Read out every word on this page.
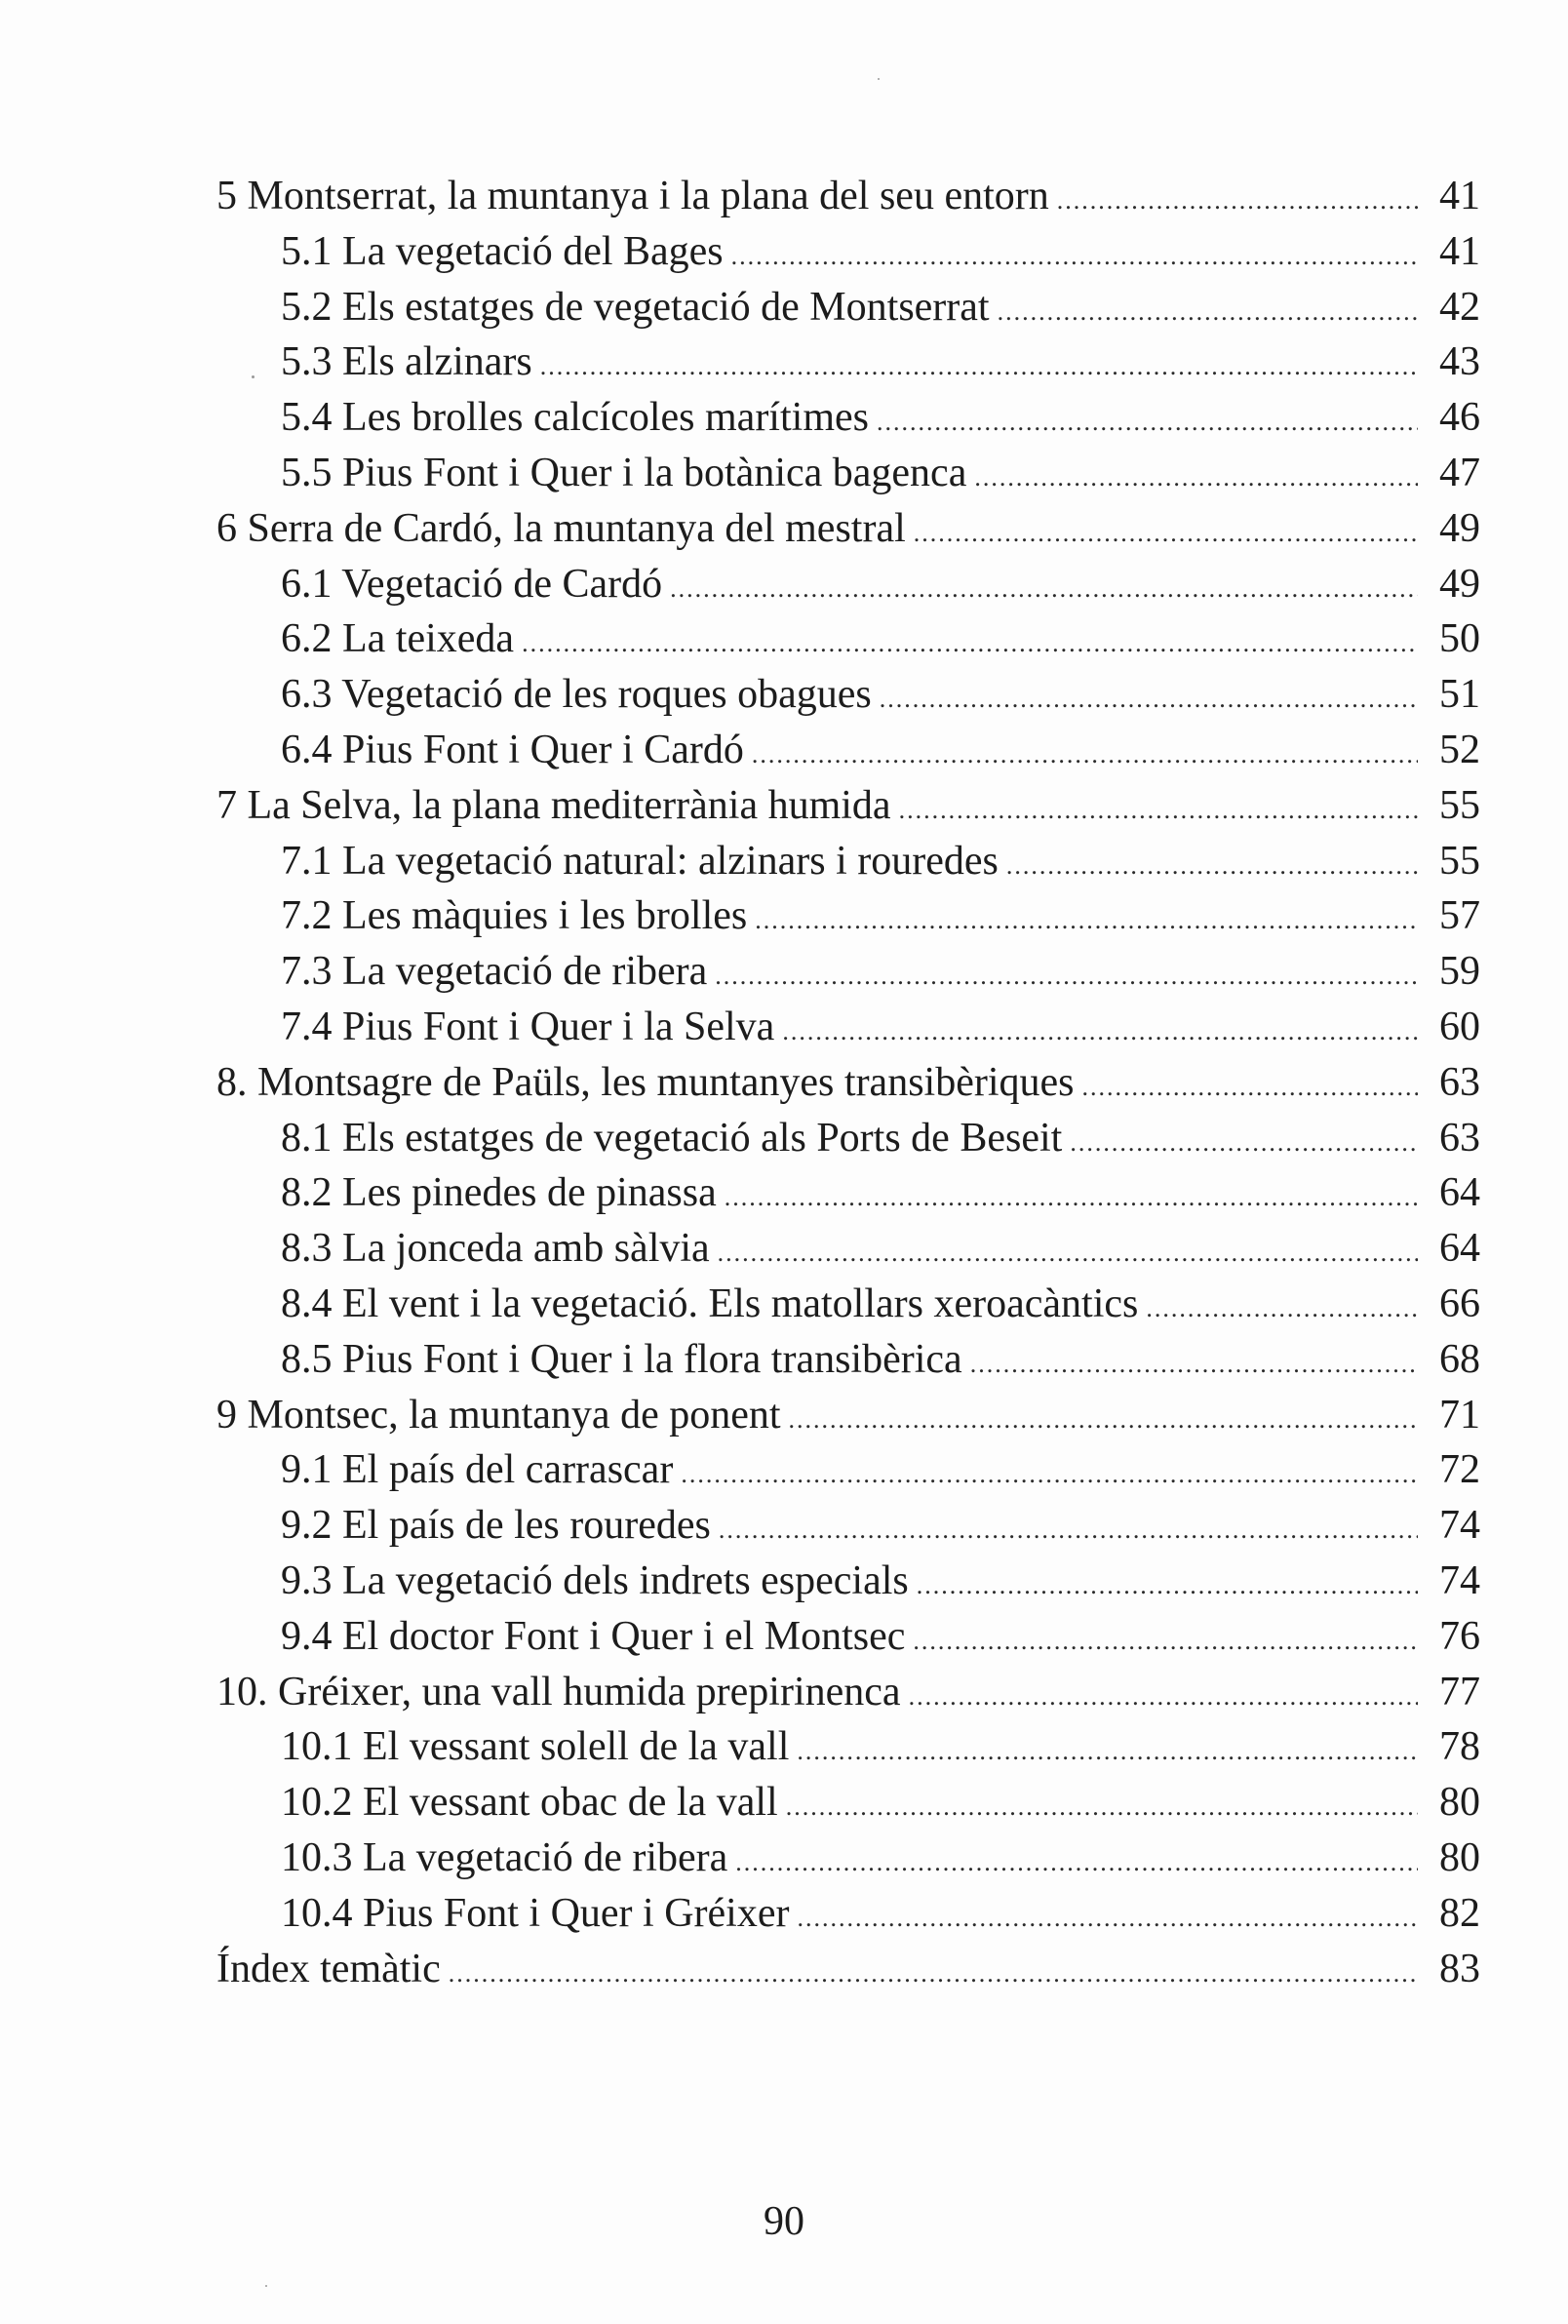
5 Montserrat, la muntanya i la plana del seu entorn .....	41
5.1 La vegetació del Bages .....	41
5.2 Els estatges de vegetació de Montserrat .....	42
5.3 Els alzinars .....	43
5.4 Les brolles calcícoles marítimes .....	46
5.5 Pius Font i Quer i la botànica bagenca .....	47
6 Serra de Cardó, la muntanya del mestral .....	49
6.1 Vegetació de Cardó .....	49
6.2 La teixeda .....	50
6.3 Vegetació de les roques obagues .....	51
6.4 Pius Font i Quer i Cardó .....	52
7 La Selva, la plana mediterrània humida .....	55
7.1 La vegetació natural: alzinars i rouredes .....	55
7.2 Les màquies i les brolles .....	57
7.3 La vegetació de ribera .....	59
7.4 Pius Font i Quer i la Selva .....	60
8. Montsagre de Paüls, les muntanyes transibèriques .....	63
8.1 Els estatges de vegetació als Ports de Beseit .....	63
8.2 Les pinedes de pinassa .....	64
8.3 La jonceda amb sàlvia .....	64
8.4 El vent i la vegetació. Els matollars xeroacàntics .....	66
8.5 Pius Font i Quer i la flora transibèrica .....	68
9 Montsec, la muntanya de ponent .....	71
9.1 El país del carrascar .....	72
9.2 El país de les rouredes .....	74
9.3 La vegetació dels indrets especials .....	74
9.4 El doctor Font i Quer i el Montsec .....	76
10. Gréixer, una vall humida prepirinenca .....	77
10.1 El vessant solell de la vall .....	78
10.2 El vessant obac de la vall .....	80
10.3 La vegetació de ribera .....	80
10.4 Pius Font i Quer i Gréixer .....	82
Índex temàtic .....	83
90
